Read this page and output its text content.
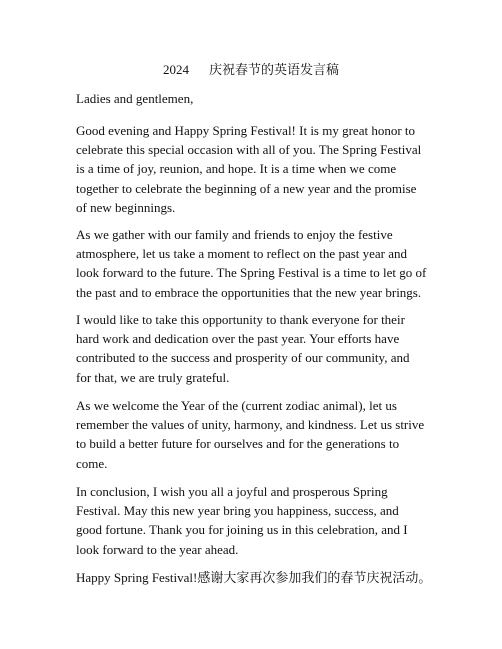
2024 庆祝春节的英语发言稿
Ladies and gentlemen,
Good evening and Happy Spring Festival! It is my great honor to
celebrate this special occasion with all of you. The Spring Festival
is a time of joy, reunion, and hope. It is a time when we come
together to celebrate the beginning of a new year and the promise
of new beginnings.
As we gather with our family and friends to enjoy the festive
atmosphere, let us take a moment to reflect on the past year and
look forward to the future. The Spring Festival is a time to let go of
the past and to embrace the opportunities that the new year brings.
I would like to take this opportunity to thank everyone for their
hard work and dedication over the past year. Your efforts have
contributed to the success and prosperity of our community, and
for that, we are truly grateful.
As we welcome the Year of the (current zodiac animal), let us
remember the values of unity, harmony, and kindness. Let us strive
to build a better future for ourselves and for the generations to
come.
In conclusion, I wish you all a joyful and prosperous Spring
Festival. May this new year bring you happiness, success, and
good fortune. Thank you for joining us in this celebration, and I
look forward to the year ahead.
Happy Spring Festival!感谢大家再次参加我们的春节庆祝活动。
